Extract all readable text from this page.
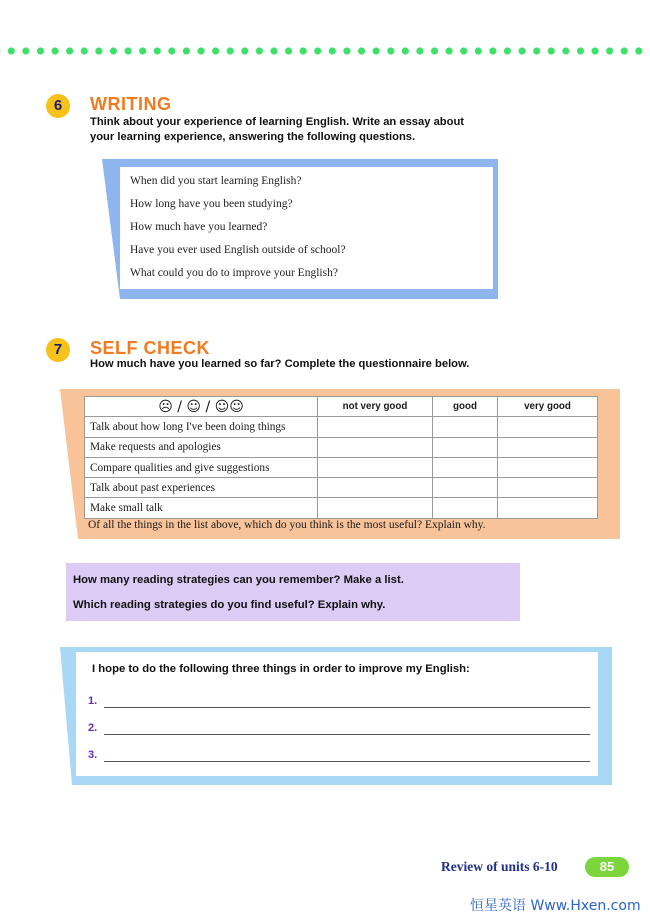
6	WRITING
Think about your experience of learning English. Write an essay about
your learning experience, answering the following questions.
When did you start learning English?
How long have you been studying?
How much have you learned?
Have you ever used English outside of school?
What could you do to improve your English?
7	SELF CHECK
How much have you learned so far? Complete the questionnaire below.
☹ / ☺ / ☺☺	not very good	good	very good
Talk about how long I've been doing things			
Make requests and apologies			
Compare qualities and give suggestions			
Talk about past experiences			
Make small talk			
Of all the things in the list above, which do you think is the most useful? Explain why.
How many reading strategies can you remember? Make a list.
Which reading strategies do you find useful? Explain why.
I hope to do the following three things in order to improve my English:
1.
2.
3.
Review of units 6-10	85
恒星英语 Www.Hxen.com
